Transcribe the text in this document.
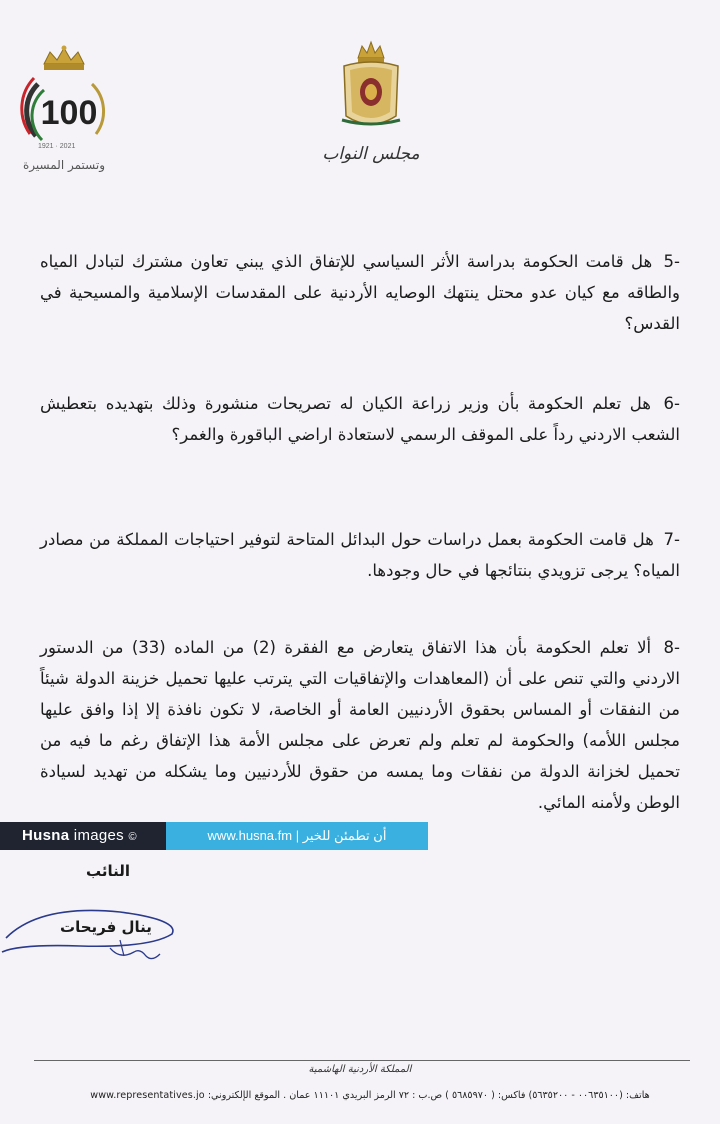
100
1921 · 2021
وتستمر المسيرة
مجلس النواب
-5 هل قامت الحكومة بدراسة الأثر السياسي للإتفاق الذي يبني تعاون مشترك لتبادل المياه والطاقه مع كيان عدو محتل ينتهك الوصايه الأردنية على المقدسات الإسلامية والمسيحية في القدس؟
-6 هل تعلم الحكومة بأن وزير زراعة الكيان له تصريحات منشورة وذلك بتهديده بتعطيش الشعب الاردني رداً على الموقف الرسمي لاستعادة اراضي الباقورة والغمر؟
-7 هل قامت الحكومة بعمل دراسات حول البدائل المتاحة لتوفير احتياجات المملكة من مصادر المياه؟ يرجى تزويدي بنتائجها في حال وجودها.
-8 ألا تعلم الحكومة بأن هذا الاتفاق يتعارض مع الفقرة (2) من الماده (33) من الدستور الاردني والتي تنص على أن (المعاهدات والإتفاقيات التي يترتب عليها تحميل خزينة الدولة شيئاً من النفقات أو المساس بحقوق الأردنيين العامة أو الخاصة، لا تكون نافذة إلا إذا وافق عليها مجلس اللأمه) والحكومة لم تعلم ولم تعرض على مجلس الأمة هذا الإتفاق رغم ما فيه من تحميل لخزانة الدولة من نفقات وما يمسه من حقوق للأردنيين وما يشكله من تهديد لسيادة الوطن ولأمنه المائي.
Husna images ©	أن تطمئن للخير | www.husna.fm
النائب
ينال فريحات
المملكة الأردنية الهاشمية
هاتف: (٠٠٦٣٥١٠٠ - ٥٦٣٥٢٠٠) فاكس: ( ٥٦٨٥٩٧٠ ) ص.ب : ٧٢ الرمز البريدي ١١١٠١ عمان . الموقع الإلكتروني: www.representatives.jo
